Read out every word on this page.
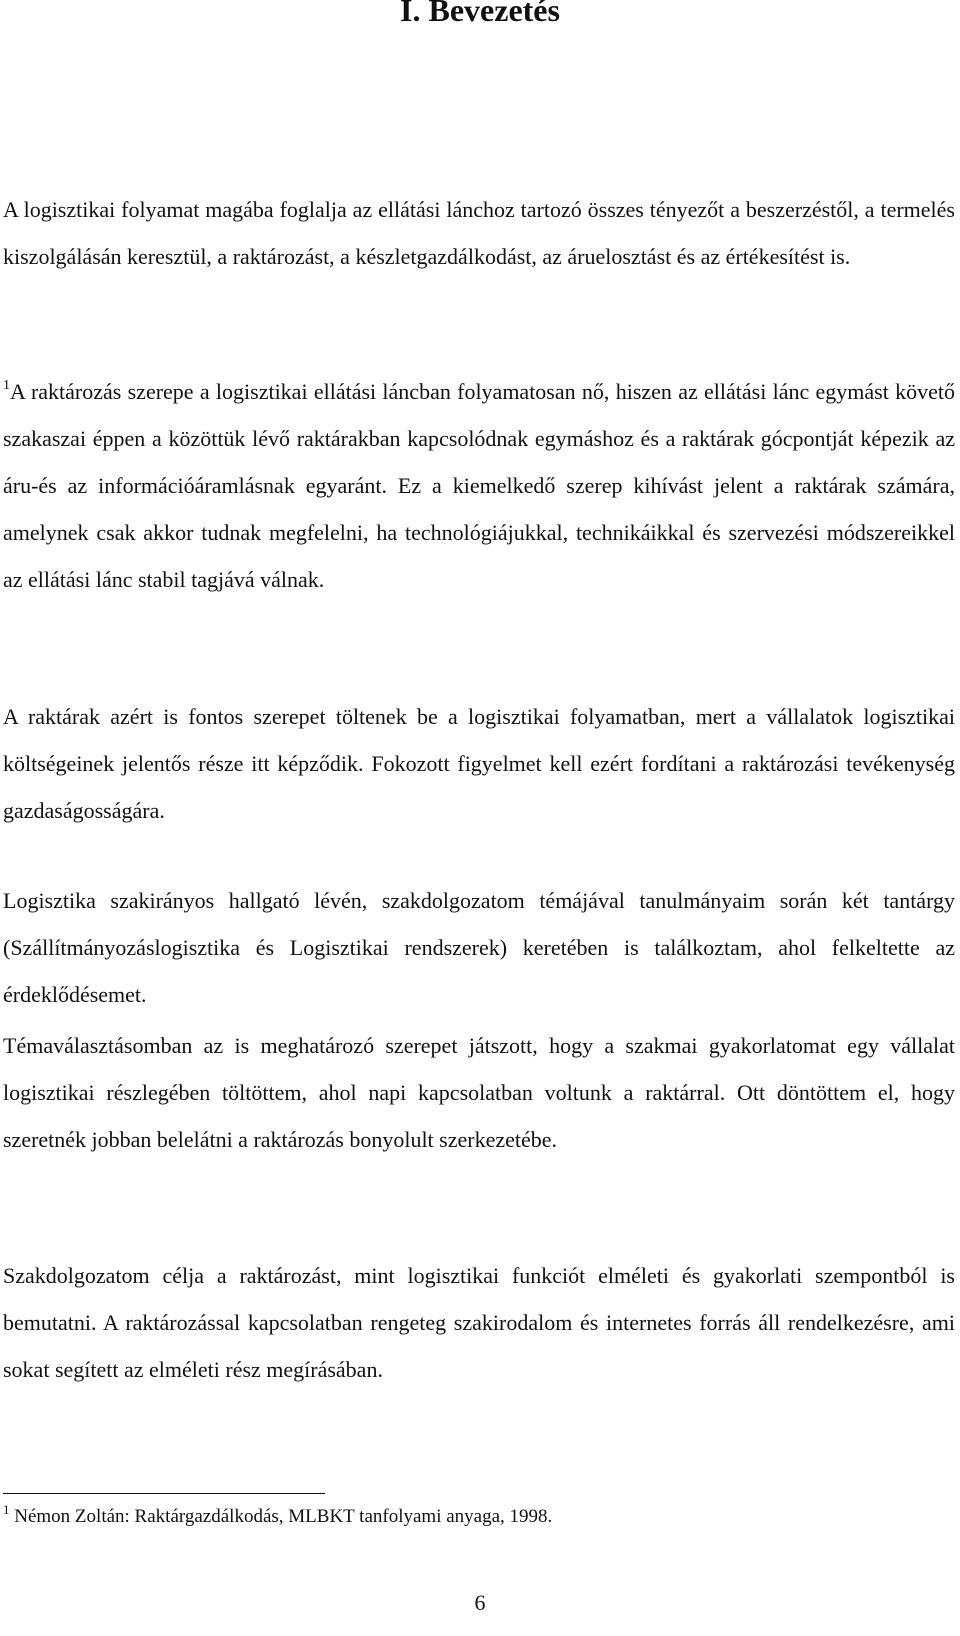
I. Bevezetés

A logisztikai folyamat magába foglalja az ellátási lánchoz tartozó összes tényezőt a beszerzéstől, a termelés kiszolgálásán keresztül, a raktározást, a készletgazdálkodást, az áruelosztást és az értékesítést is.

$^1$A raktározás szerepe a logisztikai ellátási láncban folyamatosan nő, hiszen az ellátási lánc egymást követő szakaszai éppen a közöttük lévő raktárakban kapcsolódnak egymáshoz és a raktárak gócpontját képezik az áru-és az információáramlásnak egyaránt. Ez a kiemelkedő szerep kihívást jelent a raktárak számára, amelynek csak akkor tudnak megfelelni, ha technológiájukkal, technikáikkal és szervezési módszereikkel az ellátási lánc stabil tagjává válnak.

A raktárak azért is fontos szerepet töltenek be a logisztikai folyamatban, mert a vállalatok logisztikai költségeinek jelentős része itt képződik. Fokozott figyelmet kell ezért fordítani a raktározási tevékenység gazdaságosságára.

Logisztika szakirányos hallgató lévén, szakdolgozatom témájával tanulmányaim során két tantárgy (Szállítmányozáslogisztika és Logisztikai rendszerek) keretében is találkoztam, ahol felkeltette az érdeklődésemet.

Témaválasztásomban az is meghatározó szerepet játszott, hogy a szakmai gyakorlatomat egy vállalat logisztikai részlegében töltöttem, ahol napi kapcsolatban voltunk a raktárral. Ott döntöttem el, hogy szeretnék jobban belelátni a raktározás bonyolult szerkezetébe.

Szakdolgozatom célja a raktározást, mint logisztikai funkciót elméleti és gyakorlati szempontból is bemutatni. A raktározással kapcsolatban rengeteg szakirodalom és internetes forrás áll rendelkezésre, ami sokat segített az elméleti rész megírásában.

$^1$ Némon Zoltán: Raktárgazdálkodás, MLBKT tanfolyami anyaga, 1998.

6
